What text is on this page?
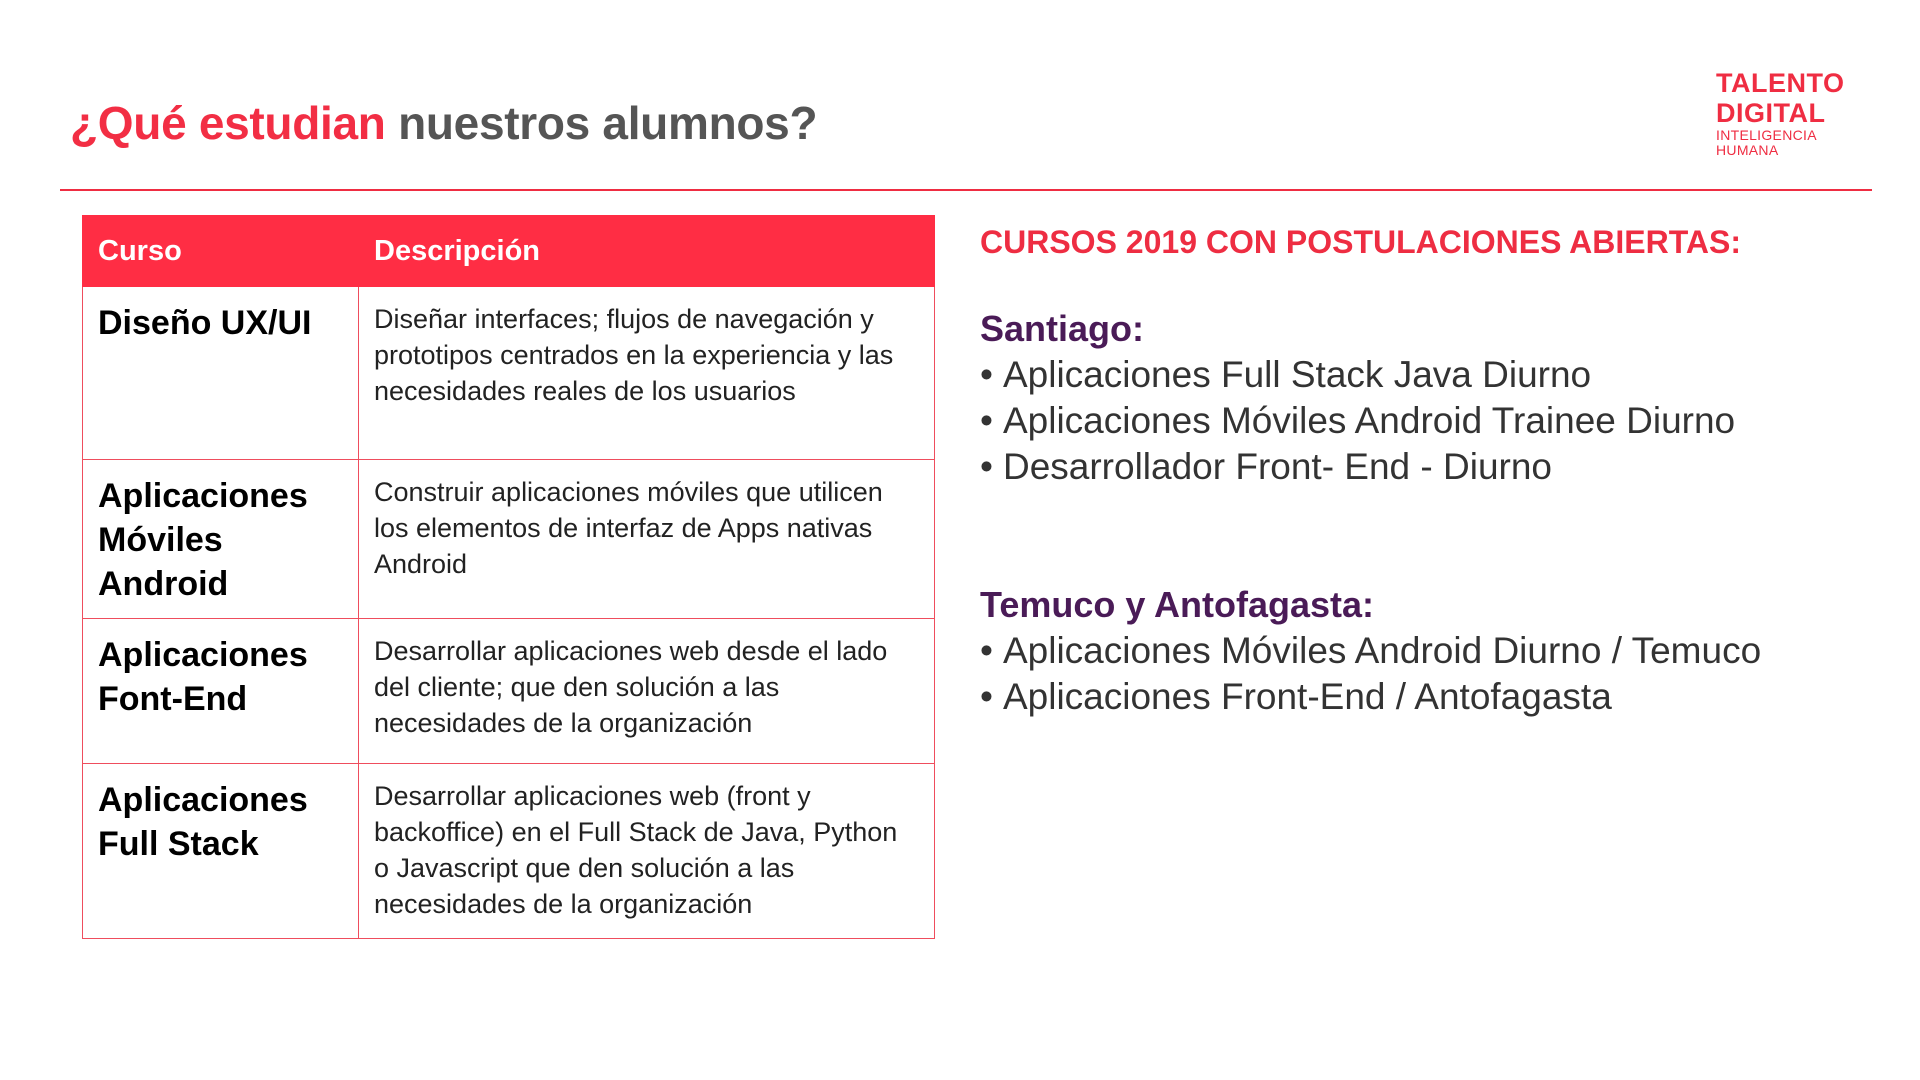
¿Qué estudian nuestros alumnos?
TALENTO
DIGITAL
INTELIGENCIA
HUMANA
Curso	Descripción
Diseño UX/UI	Diseñar interfaces; flujos de navegación y prototipos centrados en la experiencia y las necesidades reales de los usuarios
Aplicaciones Móviles Android	Construir aplicaciones móviles que utilicen los elementos de interfaz de Apps nativas Android
Aplicaciones Font-End	Desarrollar aplicaciones web desde el lado del cliente; que den solución a las necesidades de la organización
Aplicaciones Full Stack	Desarrollar aplicaciones web (front y backoffice) en el Full Stack de Java, Python o Javascript que den solución a las necesidades de la organización

CURSOS 2019 CON POSTULACIONES ABIERTAS:

Santiago:

• Aplicaciones Full Stack Java Diurno
• Aplicaciones Móviles Android Trainee Diurno
• Desarrollador Front- End - Diurno

Temuco y Antofagasta:

• Aplicaciones Móviles Android Diurno / Temuco
• Aplicaciones Front-End / Antofagasta
